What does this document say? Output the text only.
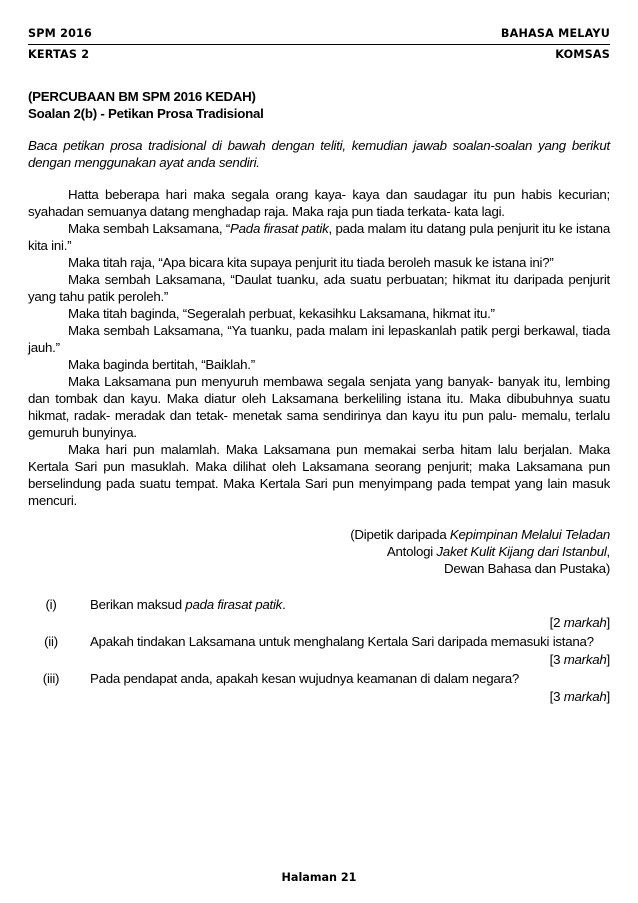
SPM 2016	BAHASA MELAYU
KERTAS 2	KOMSAS

(PERCUBAAN BM SPM 2016 KEDAH)
Soalan 2(b) - Petikan Prosa Tradisional

Baca petikan prosa tradisional di bawah dengan teliti, kemudian jawab soalan-soalan yang berikut dengan menggunakan ayat anda sendiri.

Hatta beberapa hari maka segala orang kaya- kaya dan saudagar itu pun habis kecurian; syahadan semuanya datang menghadap raja. Maka raja pun tiada terkata- kata lagi.

Maka sembah Laksamana, “Pada firasat patik, pada malam itu datang pula penjurit itu ke istana kita ini.”

Maka titah raja, “Apa bicara kita supaya penjurit itu tiada beroleh masuk ke istana ini?”

Maka sembah Laksamana, “Daulat tuanku, ada suatu perbuatan; hikmat itu daripada penjurit yang tahu patik peroleh.”

Maka titah baginda, “Segeralah perbuat, kekasihku Laksamana, hikmat itu.”

Maka sembah Laksamana, “Ya tuanku, pada malam ini lepaskanlah patik pergi berkawal, tiada jauh.”

Maka baginda bertitah, “Baiklah.”

Maka Laksamana pun menyuruh membawa segala senjata yang banyak- banyak itu, lembing dan tombak dan kayu. Maka diatur oleh Laksamana berkeliling istana itu. Maka dibubuhnya suatu hikmat, radak- meradak dan tetak- menetak sama sendirinya dan kayu itu pun palu- memalu, terlalu gemuruh bunyinya.

Maka hari pun malamlah. Maka Laksamana pun memakai serba hitam lalu berjalan. Maka Kertala Sari pun masuklah. Maka dilihat oleh Laksamana seorang penjurit; maka Laksamana pun berselindung pada suatu tempat. Maka Kertala Sari pun menyimpang pada tempat yang lain masuk mencuri.

(Dipetik daripada Kepimpinan Melalui Teladan
Antologi Jaket Kulit Kijang dari Istanbul,
Dewan Bahasa dan Pustaka)
(i)	Berikan maksud pada firasat patik.
[2 markah]
(ii)	Apakah tindakan Laksamana untuk menghalang Kertala Sari daripada memasuki istana?
[3 markah]
(iii)	Pada pendapat anda, apakah kesan wujudnya keamanan di dalam negara?
[3 markah]
Halaman 21
